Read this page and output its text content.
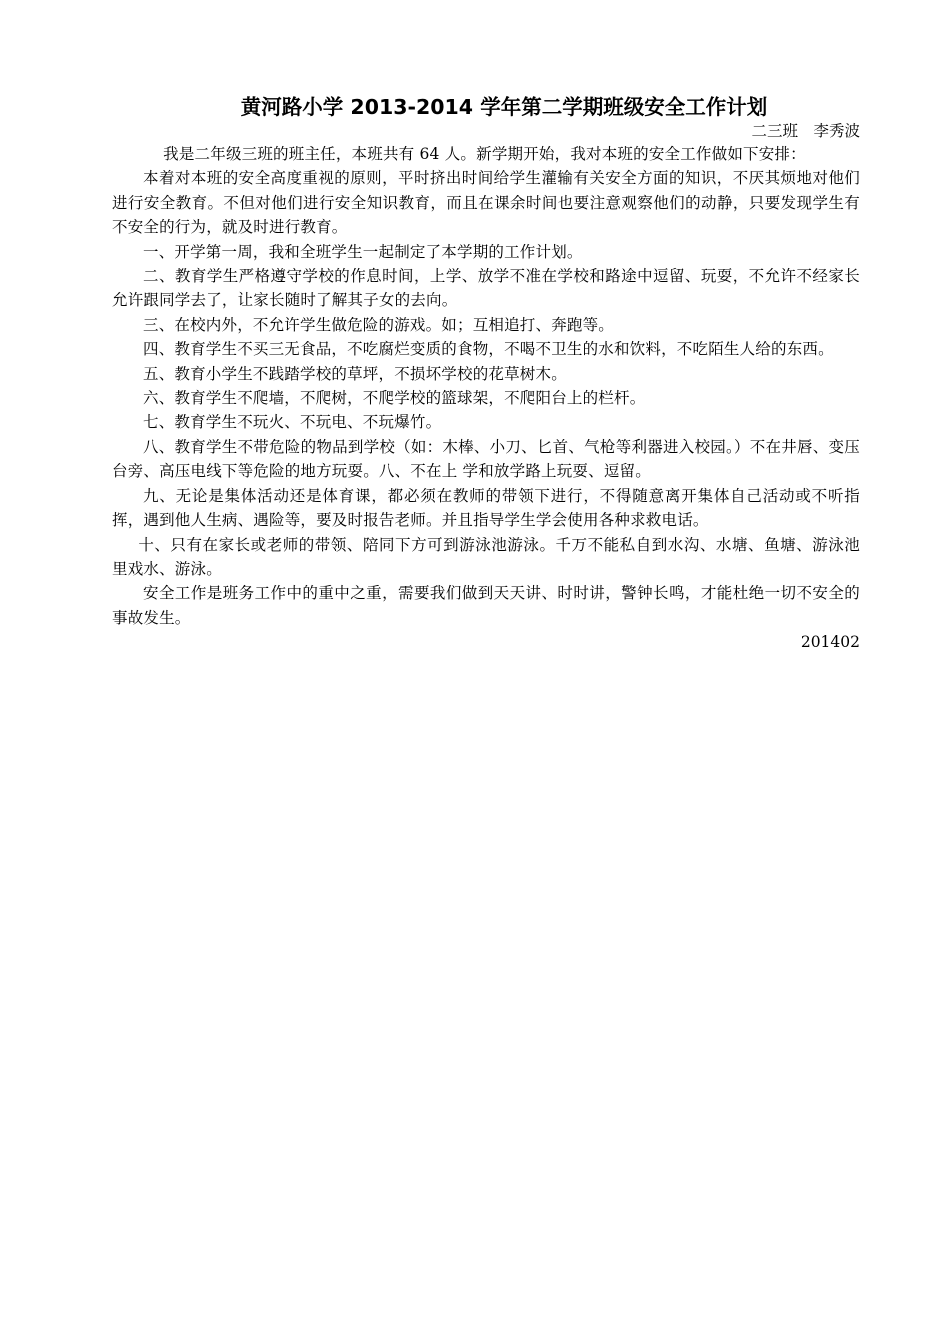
黄河路小学 2013-2014 学年第二学期班级安全工作计划

二三班　李秀波

我是二年级三班的班主任，本班共有 64 人。新学期开始，我对本班的安全工作做如下安排：

本着对本班的安全高度重视的原则，平时挤出时间给学生灌输有关安全方面的知识，不厌其烦地对他们进行安全教育。不但对他们进行安全知识教育，而且在课余时间也要注意观察他们的动静，只要发现学生有不安全的行为，就及时进行教育。

一、开学第一周，我和全班学生一起制定了本学期的工作计划。

二、教育学生严格遵守学校的作息时间，上学、放学不准在学校和路途中逗留、玩耍，不允许不经家长允许跟同学去了，让家长随时了解其子女的去向。

三、在校内外，不允许学生做危险的游戏。如；互相追打、奔跑等。

四、教育学生不买三无食品，不吃腐烂变质的食物，不喝不卫生的水和饮料，不吃陌生人给的东西。

五、教育小学生不践踏学校的草坪，不损坏学校的花草树木。

六、教育学生不爬墙，不爬树，不爬学校的篮球架，不爬阳台上的栏杆。

七、教育学生不玩火、不玩电、不玩爆竹。

八、教育学生不带危险的物品到学校（如：木棒、小刀、匕首、气枪等利器进入校园。）不在井唇、变压台旁、高压电线下等危险的地方玩耍。八、不在上 学和放学路上玩耍、逗留。

九、无论是集体活动还是体育课，都必须在教师的带领下进行，不得随意离开集体自己活动或不听指挥，遇到他人生病、遇险等，要及时报告老师。并且指导学生学会使用各种求救电话。

十、只有在家长或老师的带领、陪同下方可到游泳池游泳。千万不能私自到水沟、水塘、鱼塘、游泳池里戏水、游泳。

安全工作是班务工作中的重中之重，需要我们做到天天讲、时时讲，警钟长鸣，才能杜绝一切不安全的事故发生。

201402
